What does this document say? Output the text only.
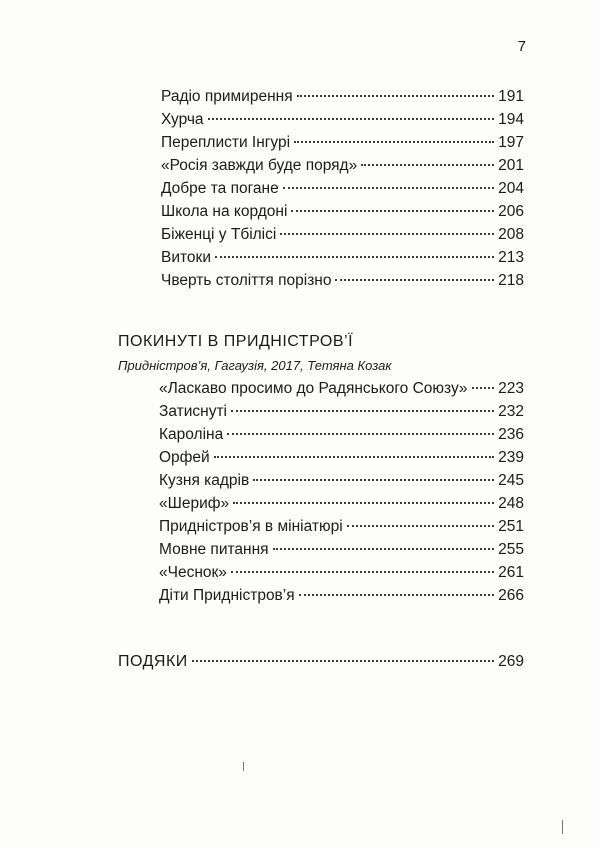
7
Радіо примирення	191
Хурча	194
Переплисти Інгурі	197
«Росія завжди буде поряд»	201
Добре та погане	204
Школа на кордоні	206
Біженці у Тбілісі	208
Витоки	213
Чверть століття порізно	218
ПОКИНУТІ В ПРИДНІСТРОВ’Ї
Придністров’я, Гагаузія, 2017, Тетяна Козак
«Ласкаво просимо до Радянського Союзу» 223
Затиснуті	232
Кароліна	236
Орфей	239
Кузня кадрів	245
«Шериф»	248
Придністров’я в мініатюрі	251
Мовне питання	255
«Чеснок»	261
Діти Придністров’я	266
ПОДЯКИ	269
